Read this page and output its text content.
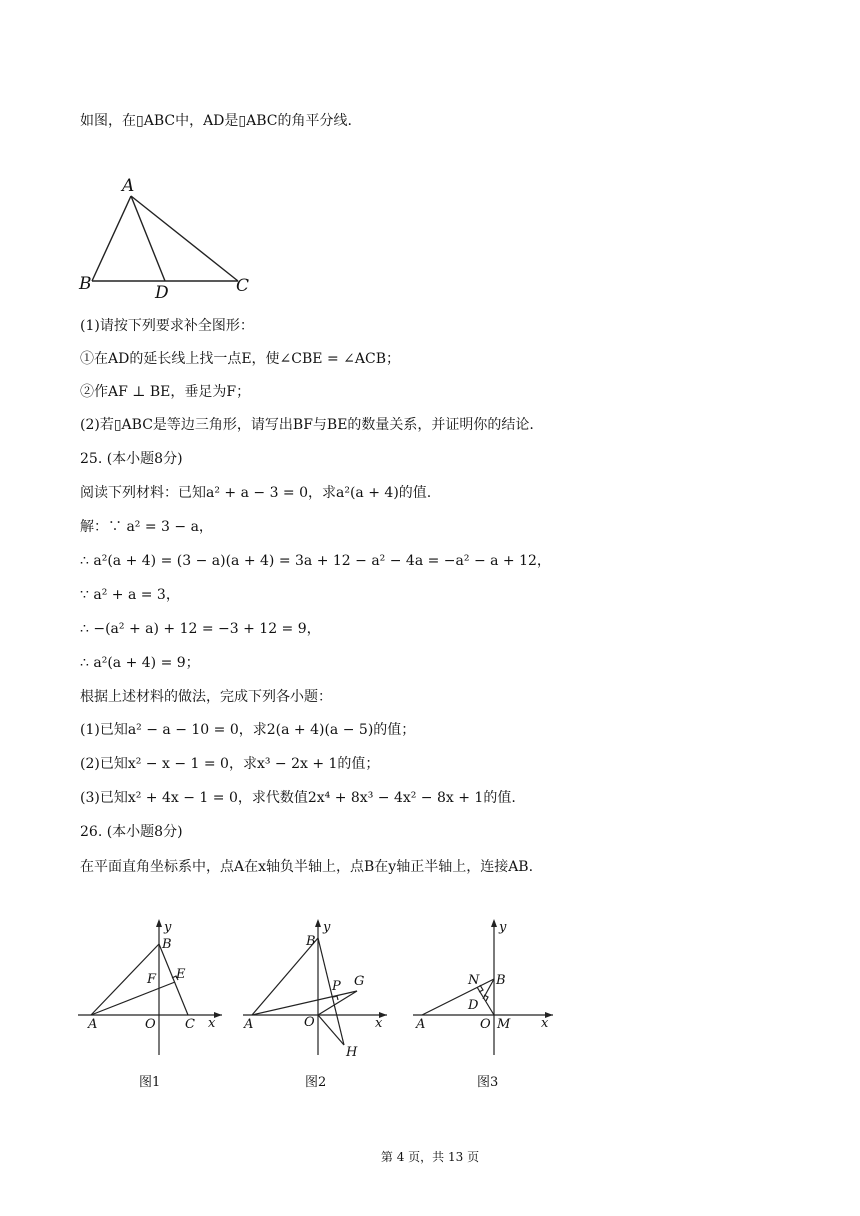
如图，在▯ABC中，AD是▯ABC的角平分线.
A
B	C
D
(1)请按下列要求补全图形：
①在AD的延长线上找一点E，使∠CBE = ∠ACB；
②作AF ⊥ BE，垂足为F；
(2)若▯ABC是等边三角形，请写出BF与BE的数量关系，并证明你的结论.
25. (本小题8分)
阅读下列材料：已知a² + a − 3 = 0，求a²(a + 4)的值.
解：∵ a² = 3 − a，
∴ a²(a + 4) = (3 − a)(a + 4) = 3a + 12 − a² − 4a = −a² − a + 12，
∵ a² + a = 3，
∴ −(a² + a) + 12 = −3 + 12 = 9，
∴ a²(a + 4) = 9；
根据上述材料的做法，完成下列各小题：
(1)已知a² − a − 10 = 0，求2(a + 4)(a − 5)的值；
(2)已知x² − x − 1 = 0，求x³ − 2x + 1的值；
(3)已知x² + 4x − 1 = 0，求代数值2x⁴ + 8x³ − 4x² − 8x + 1的值.
26. (本小题8分)
在平面直角坐标系中，点A在x轴负半轴上，点B在y轴正半轴上，连接AB.
A	O C
B
F E
x
y
图1
A	O
B
P G
H
x
y
图2
A	O M
B
N
D
x
y
图3
第 4 页，共 13 页
